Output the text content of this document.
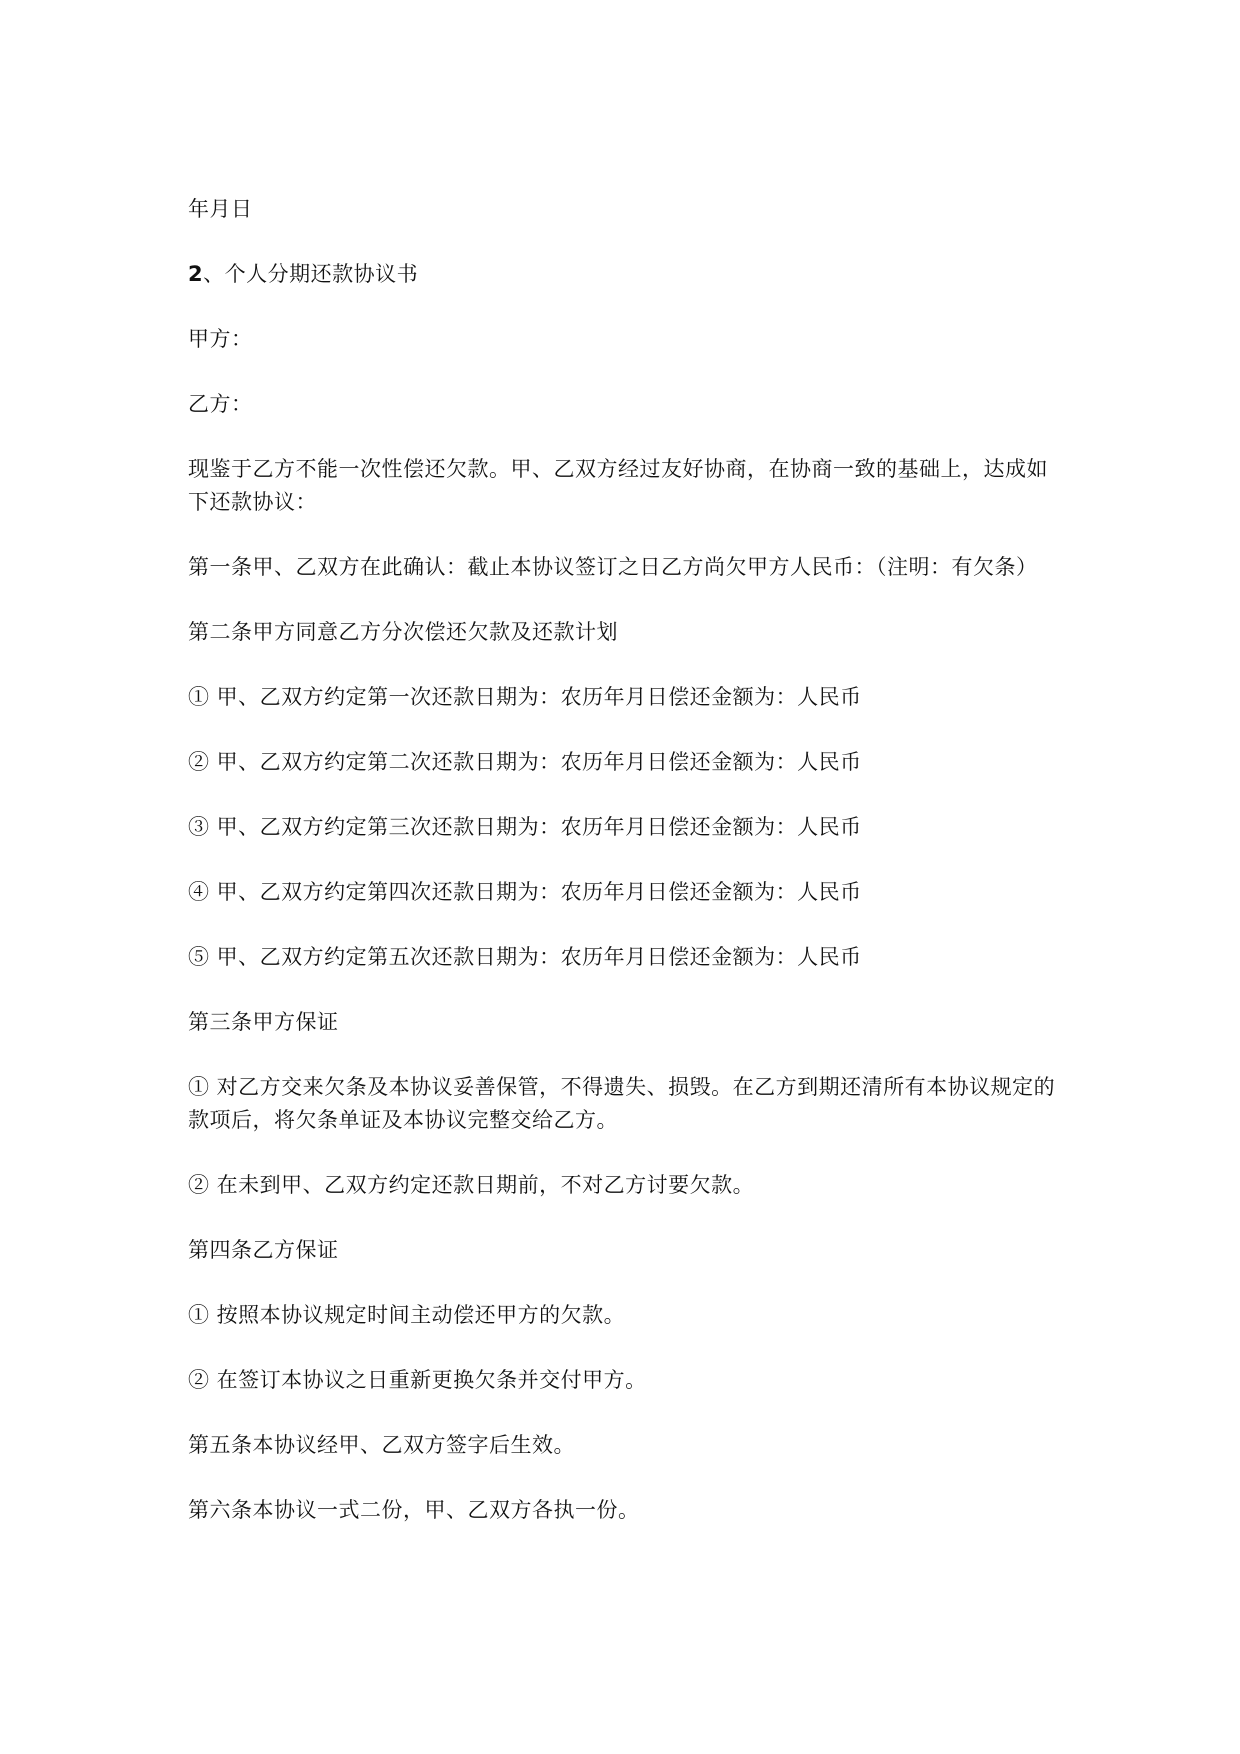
年月日

2、个人分期还款协议书

甲方：

乙方：

现鉴于乙方不能一次性偿还欠款。甲、乙双方经过友好协商，在协商一致的基础上，达成如下还款协议：

第一条甲、乙双方在此确认：截止本协议签订之日乙方尚欠甲方人民币：（注明：有欠条）

第二条甲方同意乙方分次偿还欠款及还款计划

① 甲、乙双方约定第一次还款日期为：农历年月日偿还金额为：人民币

② 甲、乙双方约定第二次还款日期为：农历年月日偿还金额为：人民币

③ 甲、乙双方约定第三次还款日期为：农历年月日偿还金额为：人民币

④ 甲、乙双方约定第四次还款日期为：农历年月日偿还金额为：人民币

⑤ 甲、乙双方约定第五次还款日期为：农历年月日偿还金额为：人民币

第三条甲方保证

① 对乙方交来欠条及本协议妥善保管，不得遗失、损毁。在乙方到期还清所有本协议规定的款项后，将欠条单证及本协议完整交给乙方。

② 在未到甲、乙双方约定还款日期前，不对乙方讨要欠款。

第四条乙方保证

① 按照本协议规定时间主动偿还甲方的欠款。

② 在签订本协议之日重新更换欠条并交付甲方。

第五条本协议经甲、乙双方签字后生效。

第六条本协议一式二份，甲、乙双方各执一份。
